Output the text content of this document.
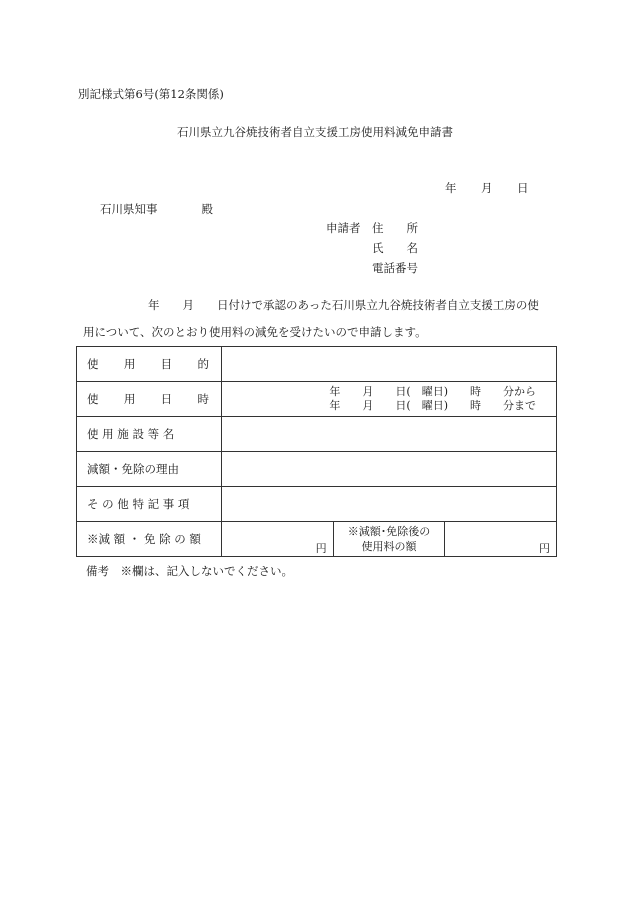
別記様式第6号(第12条関係)
石川県立九谷焼技術者自立支援工房使用料減免申請書
年 月 日
石川県知事	殿
申請者 住　　所
氏　　名
電話番号
年　　月　　日付けで承認のあった石川県立九谷焼技術者自立支援工房の使
用について、次のとおり使用料の減免を受けたいので申請します。
使 用 目 的			

使 用 日 時	年　　月　　日(　曜日)　　時　　分から
年　　月　　日(　曜日)　　時　　分まで		

使 用 施 設 等 名			
減額・免除の理由			
そ の 他 特 記 事 項			
※減 額 ・ 免 除 の 額	円	※減額･免除後の
使用料の額	円
備考　※欄は、記入しないでください。
